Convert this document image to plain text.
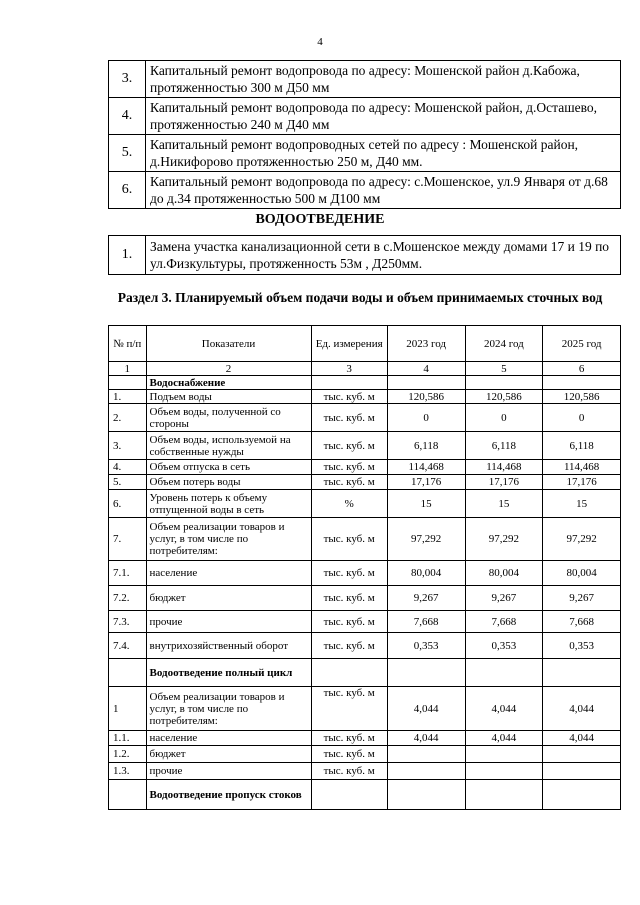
4
3.	Капитальный ремонт водопровода по адресу: Мошенской район д.Кабожа, протяженностью 300 м Д50 мм
4.	Капитальный ремонт водопровода по адресу: Мошенской район, д.Осташево, протяженностью 240 м Д40 мм
5.	Капитальный ремонт водопроводных сетей по адресу : Мошенской район, д.Никифорово протяженностью 250 м, Д40 мм.
6.	Капитальный ремонт водопровода по адресу: с.Мошенское, ул.9 Января от д.68 до д.34 протяженностью 500 м Д100 мм
ВОДООТВЕДЕНИЕ
1.	Замена участка канализационной сети в с.Мошенское между домами 17 и 19 по ул.Физкультуры, протяженность 53м , Д250мм.
Раздел 3. Планируемый объем подачи воды и объем принимаемых сточных вод
№ п/п	Показатели	Ед. измерения	2023 год	2024 год	2025 год
1	2	3	4	5	6
	Водоснабжение				
1.	Подъем воды	тыс. куб. м	120,586	120,586	120,586
2.	Объем воды, полученной со стороны	тыс. куб. м	0	0	0
3.	Объем воды, используемой на собственные нужды	тыс. куб. м	6,118	6,118	6,118
4.	Объем отпуска в сеть	тыс. куб. м	114,468	114,468	114,468
5.	Объем потерь воды	тыс. куб. м	17,176	17,176	17,176
6.	Уровень потерь к объему отпущенной воды в сеть	%	15	15	15
7.	Объем реализации товаров и услуг, в том числе по потребителям:	тыс. куб. м	97,292	97,292	97,292
7.1.	население	тыс. куб. м	80,004	80,004	80,004
7.2.	бюджет	тыс. куб. м	9,267	9,267	9,267
7.3.	прочие	тыс. куб. м	7,668	7,668	7,668
7.4.	внутрихозяйственный оборот	тыс. куб. м	0,353	0,353	0,353
	Водоотведение полный цикл				
1	Объем реализации товаров и услуг, в том числе по потребителям:	тыс. куб. м	4,044	4,044	4,044
1.1.	население	тыс. куб. м	4,044	4,044	4,044
1.2.	бюджет	тыс. куб. м			
1.3.	прочие	тыс. куб. м			
	Водоотведение пропуск стоков				
